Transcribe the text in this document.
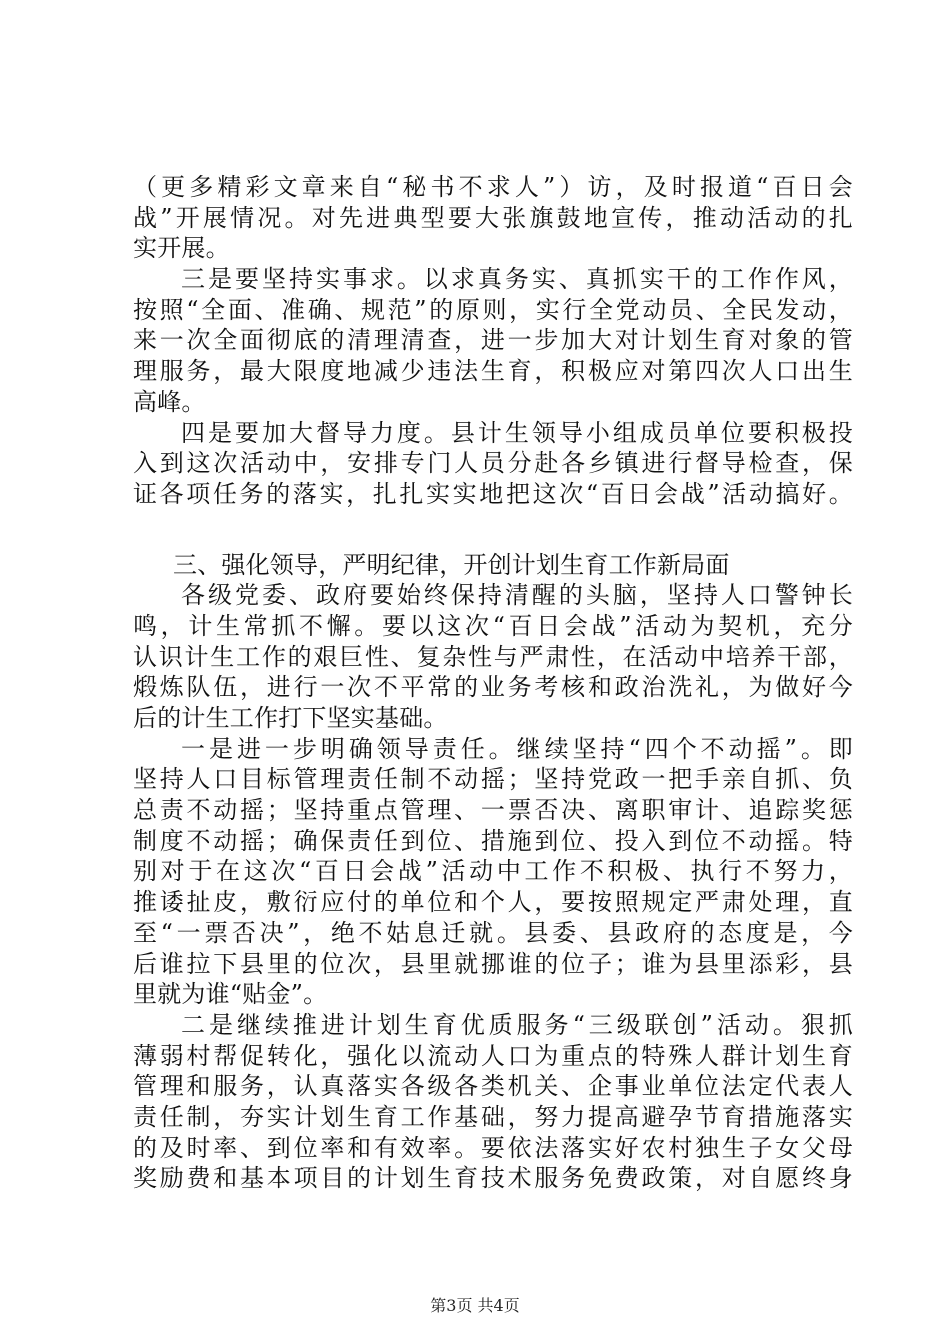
（更多精彩文章来自“秘书不求人”）访，及时报道“百日会
战”开展情况。对先进典型要大张旗鼓地宣传，推动活动的扎
实开展。
三是要坚持实事求。以求真务实、真抓实干的工作作风，
按照“全面、准确、规范”的原则，实行全党动员、全民发动，
来一次全面彻底的清理清查，进一步加大对计划生育对象的管
理服务，最大限度地减少违法生育，积极应对第四次人口出生
高峰。
四是要加大督导力度。县计生领导小组成员单位要积极投
入到这次活动中，安排专门人员分赴各乡镇进行督导检查，保
证各项任务的落实，扎扎实实地把这次“百日会战”活动搞好。
三、强化领导，严明纪律，开创计划生育工作新局面
各级党委、政府要始终保持清醒的头脑，坚持人口警钟长
鸣，计生常抓不懈。要以这次“百日会战”活动为契机，充分
认识计生工作的艰巨性、复杂性与严肃性，在活动中培养干部，
煅炼队伍，进行一次不平常的业务考核和政治洗礼，为做好今
后的计生工作打下坚实基础。
一是进一步明确领导责任。继续坚持“四个不动摇”。即
坚持人口目标管理责任制不动摇；坚持党政一把手亲自抓、负
总责不动摇；坚持重点管理、一票否决、离职审计、追踪奖惩
制度不动摇；确保责任到位、措施到位、投入到位不动摇。特
别对于在这次“百日会战”活动中工作不积极、执行不努力，
推诿扯皮，敷衍应付的单位和个人，要按照规定严肃处理，直
至“一票否决”，绝不姑息迁就。县委、县政府的态度是，今
后谁拉下县里的位次，县里就挪谁的位子；谁为县里添彩，县
里就为谁“贴金”。
二是继续推进计划生育优质服务“三级联创”活动。狠抓
薄弱村帮促转化，强化以流动人口为重点的特殊人群计划生育
管理和服务，认真落实各级各类机关、企事业单位法定代表人
责任制，夯实计划生育工作基础，努力提高避孕节育措施落实
的及时率、到位率和有效率。要依法落实好农村独生子女父母
奖励费和基本项目的计划生育技术服务免费政策，对自愿终身
第3页 共4页
